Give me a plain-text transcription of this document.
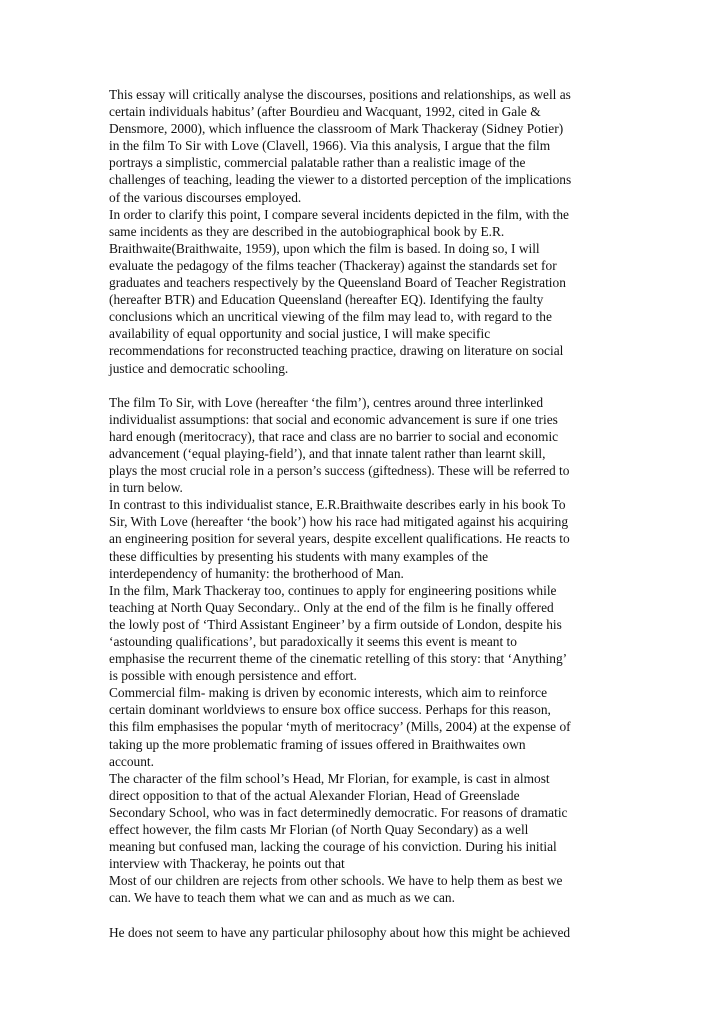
This essay will critically analyse the discourses, positions and relationships, as well as
certain individuals habitus’ (after Bourdieu and Wacquant, 1992, cited in Gale &
Densmore, 2000), which influence the classroom of Mark Thackeray (Sidney Potier)
in the film To Sir with Love (Clavell, 1966). Via this analysis, I argue that the film
portrays a simplistic, commercial palatable rather than a realistic image of the
challenges of teaching, leading the viewer to a distorted perception of the implications
of the various discourses employed.
In order to clarify this point, I compare several incidents depicted in the film, with the
same incidents as they are described in the autobiographical book by E.R.
Braithwaite(Braithwaite, 1959), upon which the film is based. In doing so, I will
evaluate the pedagogy of the films teacher (Thackeray) against the standards set for
graduates and teachers respectively by the Queensland Board of Teacher Registration
(hereafter BTR) and Education Queensland (hereafter EQ). Identifying the faulty
conclusions which an uncritical viewing of the film may lead to, with regard to the
availability of equal opportunity and social justice, I will make specific
recommendations for reconstructed teaching practice, drawing on literature on social
justice and democratic schooling.
The film To Sir, with Love (hereafter ‘the film’), centres around three interlinked
individualist assumptions: that social and economic advancement is sure if one tries
hard enough (meritocracy), that race and class are no barrier to social and economic
advancement (‘equal playing-field’), and that innate talent rather than learnt skill,
plays the most crucial role in a person’s success (giftedness). These will be referred to
in turn below.
In contrast to this individualist stance, E.R.Braithwaite describes early in his book To
Sir, With Love (hereafter ‘the book’) how his race had mitigated against his acquiring
an engineering position for several years, despite excellent qualifications. He reacts to
these difficulties by presenting his students with many examples of the
interdependency of humanity: the brotherhood of Man.
In the film, Mark Thackeray too, continues to apply for engineering positions while
teaching at North Quay Secondary.. Only at the end of the film is he finally offered
the lowly post of ‘Third Assistant Engineer’ by a firm outside of London, despite his
‘astounding qualifications’, but paradoxically it seems this event is meant to
emphasise the recurrent theme of the cinematic retelling of this story: that ‘Anything’
is possible with enough persistence and effort.
Commercial film- making is driven by economic interests, which aim to reinforce
certain dominant worldviews to ensure box office success. Perhaps for this reason,
this film emphasises the popular ‘myth of meritocracy’ (Mills, 2004) at the expense of
taking up the more problematic framing of issues offered in Braithwaites own
account.
The character of the film school’s Head, Mr Florian, for example, is cast in almost
direct opposition to that of the actual Alexander Florian, Head of Greenslade
Secondary School, who was in fact determinedly democratic. For reasons of dramatic
effect however, the film casts Mr Florian (of North Quay Secondary) as a well
meaning but confused man, lacking the courage of his conviction. During his initial
interview with Thackeray, he points out that
Most of our children are rejects from other schools. We have to help them as best we
can. We have to teach them what we can and as much as we can.
He does not seem to have any particular philosophy about how this might be achieved
